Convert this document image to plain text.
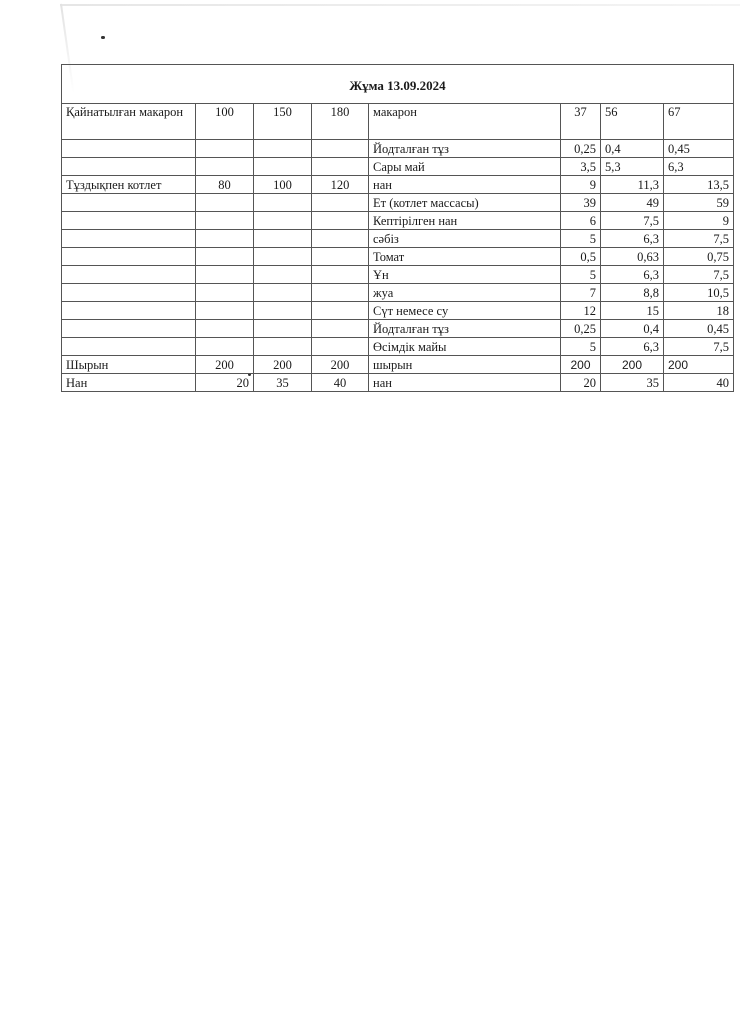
Жұма 13.09.2024							
Қайнатылған макарон	100	150	180	макарон	37	56	67
				Йодталған тұз	0,25	0,4	0,45
				Сары май	3,5	5,3	6,3
Тұздықпен котлет	80	100	120	нан	9	11,3	13,5
				Ет (котлет массасы)	39	49	59
				Кептірілген нан	6	7,5	9
				сәбіз	5	6,3	7,5
				Томат	0,5	0,63	0,75
				Ұн	5	6,3	7,5
				жуа	7	8,8	10,5
				Сүт немесе су	12	15	18
				Йодталған тұз	0,25	0,4	0,45
				Өсімдік майы	5	6,3	7,5
Шырын	200	200	200	шырын	200	200	200
Нан	20	35	40	нан	20	35	40
